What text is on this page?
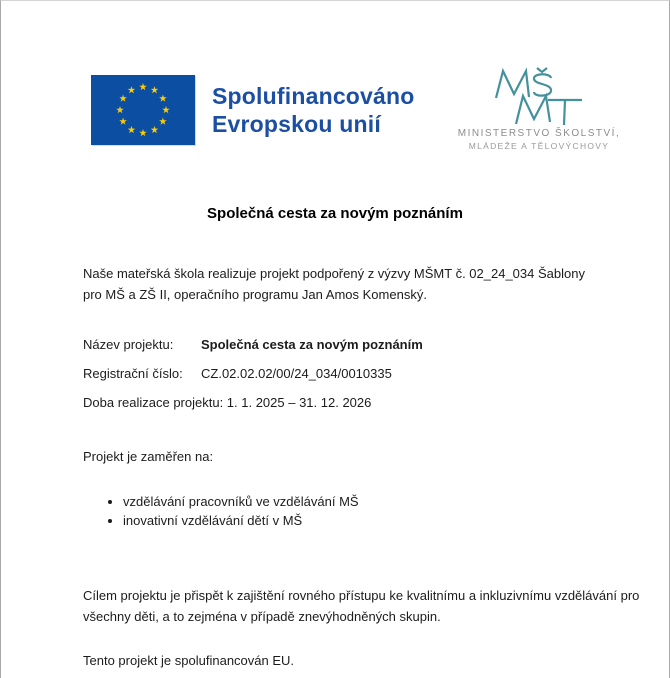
Spolufinancováno
Evropskou unií	MINISTERSTVO ŠKOLSTVÍ,
MLÁDEŽE A TĚLOVÝCHOVY
Společná cesta za novým poznáním
Naše mateřská škola realizuje projekt podpořený z výzvy MŠMT č. 02_24_034 Šablony pro MŠ a ZŠ II, operačního programu Jan Amos Komenský.
Název projektu:	Společná cesta za novým poznáním
Registrační číslo:	CZ.02.02.02/00/24_034/0010335
Doba realizace projektu: 1. 1. 2025 – 31. 12. 2026
Projekt je zaměřen na:
• vzdělávání pracovníků ve vzdělávání MŠ
• inovativní vzdělávání dětí v MŠ
Cílem projektu je přispět k zajištění rovného přístupu ke kvalitnímu a inkluzivnímu vzdělávání pro všechny děti, a to zejména v případě znevýhodněných skupin.
Tento projekt je spolufinancován EU.
